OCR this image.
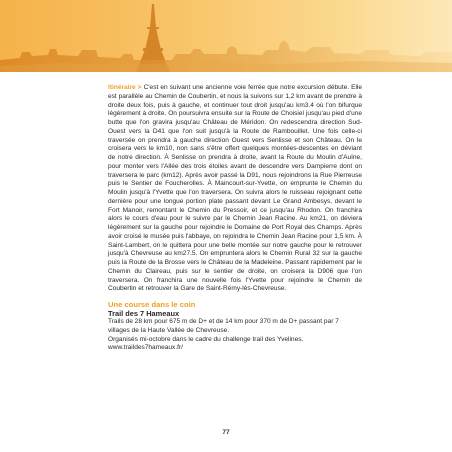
Itinéraire > C'est en suivant une ancienne voie ferrée que notre excursion débute. Elle est parallèle au Chemin de Coubertin, et nous la suivons sur 1,2 km avant de prendre à droite deux fois, puis à gauche, et continuer tout droit jusqu'au km3.4 où l'on bifurque légèrement à droite. On poursuivra ensuite sur la Route de Choisiel jusqu'au pied d'une butte que l'on gravira jusqu'au Château de Méridon. On redescendra direction Sud-Ouest vers la D41 que l'on suit jusqu'à la Route de Rambouillet. Une fois celle-ci traversée on prendra à gauche direction Ouest vers Senlisse et son Château. On le croisera vers le km10, non sans s'être offert quelques montées-descentes en déviant de notre direction. À Senlisse on prendra à droite, avant la Route du Moulin d'Auïne, pour monter vers l'Allée des trois étoiles avant de descendre vers Dampierre dont on traversera le parc (km12). Après avoir passé la D91, nous rejoindrons la Rue Pierreuse puis le Sentier de Foucherolles. À Maincourt-sur-Yvette, on emprunte le Chemin du Moulin jusqu'à l'Yvette que l'on traversera. On suivra alors le ruisseau rejoignant cette dernière pour une longue portion plate passant devant Le Grand Ambesys, devant le Fort Manoir, remontant le Chemin du Pressoir, et ce jusqu'au Rhodon. On franchira alors le cours d'eau pour le suivre par le Chemin Jean Racine. Au km21, on déviera légèrement sur la gauche pour rejoindre le Domaine de Port Royal des Champs. Après avoir croisé le musée puis l'abbaye, on rejoindra le Chemin Jean Racine pour 1,5 km. À Saint-Lambert, on le quittera pour une belle montée sur notre gauche pour le retrouver jusqu'à Chevreuse au km27.5. On empruntera alors le Chemin Rural 32 sur la gauche puis la Route de la Brosse vers le Château de la Madeleine. Passant rapidement par le Chemin du Claireau, puis sur le sentier de droite, on croisera la D906 que l'on traversera. On franchira une nouvelle fois l'Yvette pour rejoindre le Chemin de Coubertin et retrouver la Gare de Saint-Rémy-lès-Chevreuse.

Une course dans le coin
Trail des 7 Hameaux

Trails de 28 km pour 675 m de D+ et de 14 km pour 370 m de D+ passant par 7 villages de la Haute Vallée de Chevreuse.

Organisés mi-octobre dans le cadre du challenge trail des Yvelines.

www.traildes7hameaux.fr/

77
